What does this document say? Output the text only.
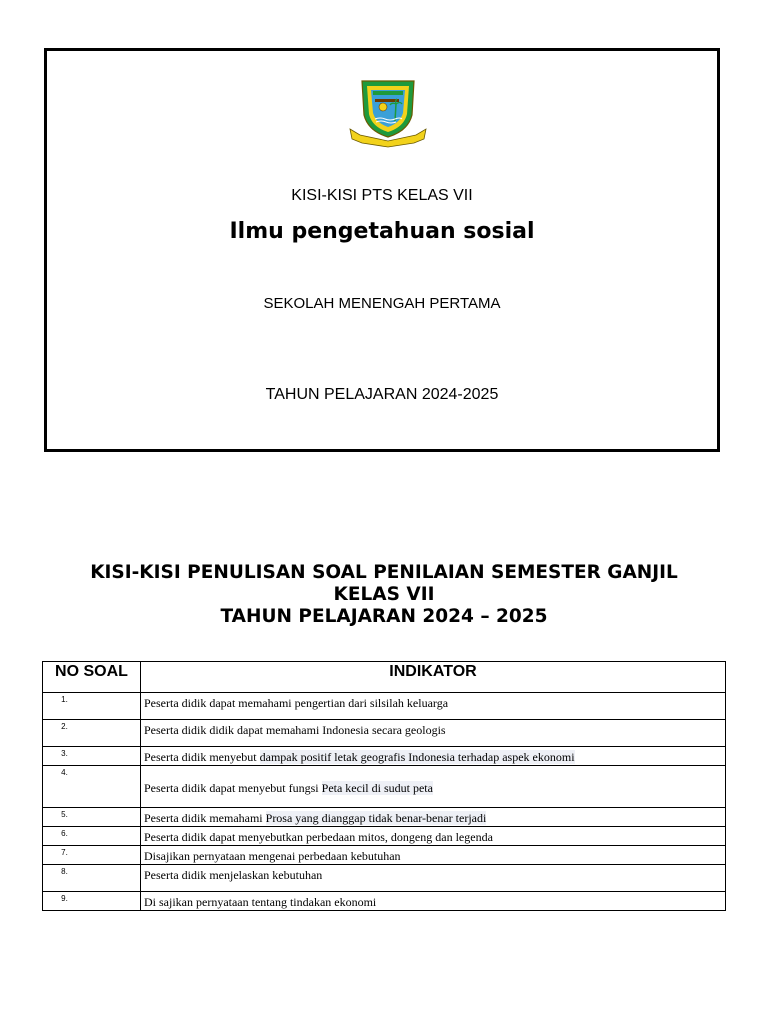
KISI-KISI PTS KELAS VII
Ilmu pengetahuan sosial
SEKOLAH MENENGAH PERTAMA
TAHUN PELAJARAN 2024-2025
KISI-KISI PENULISAN SOAL PENILAIAN SEMESTER GANJIL
KELAS VII
TAHUN PELAJARAN 2024 – 2025
NO SOAL	INDIKATOR
1.	Peserta didik dapat memahami pengertian dari silsilah keluarga
2.	Peserta didik didik dapat memahami Indonesia secara geologis
3.	Peserta didik menyebut dampak positif letak geografis Indonesia terhadap aspek ekonomi
4.	Peserta didik dapat menyebut fungsi Peta kecil di sudut peta
5.	Peserta didik memahami Prosa yang dianggap tidak benar-benar terjadi
6.	Peserta didik dapat menyebutkan perbedaan mitos, dongeng dan legenda
7.	Disajikan pernyataan mengenai perbedaan kebutuhan
8.	Peserta didik menjelaskan kebutuhan
9.	Di sajikan pernyataan tentang tindakan ekonomi
